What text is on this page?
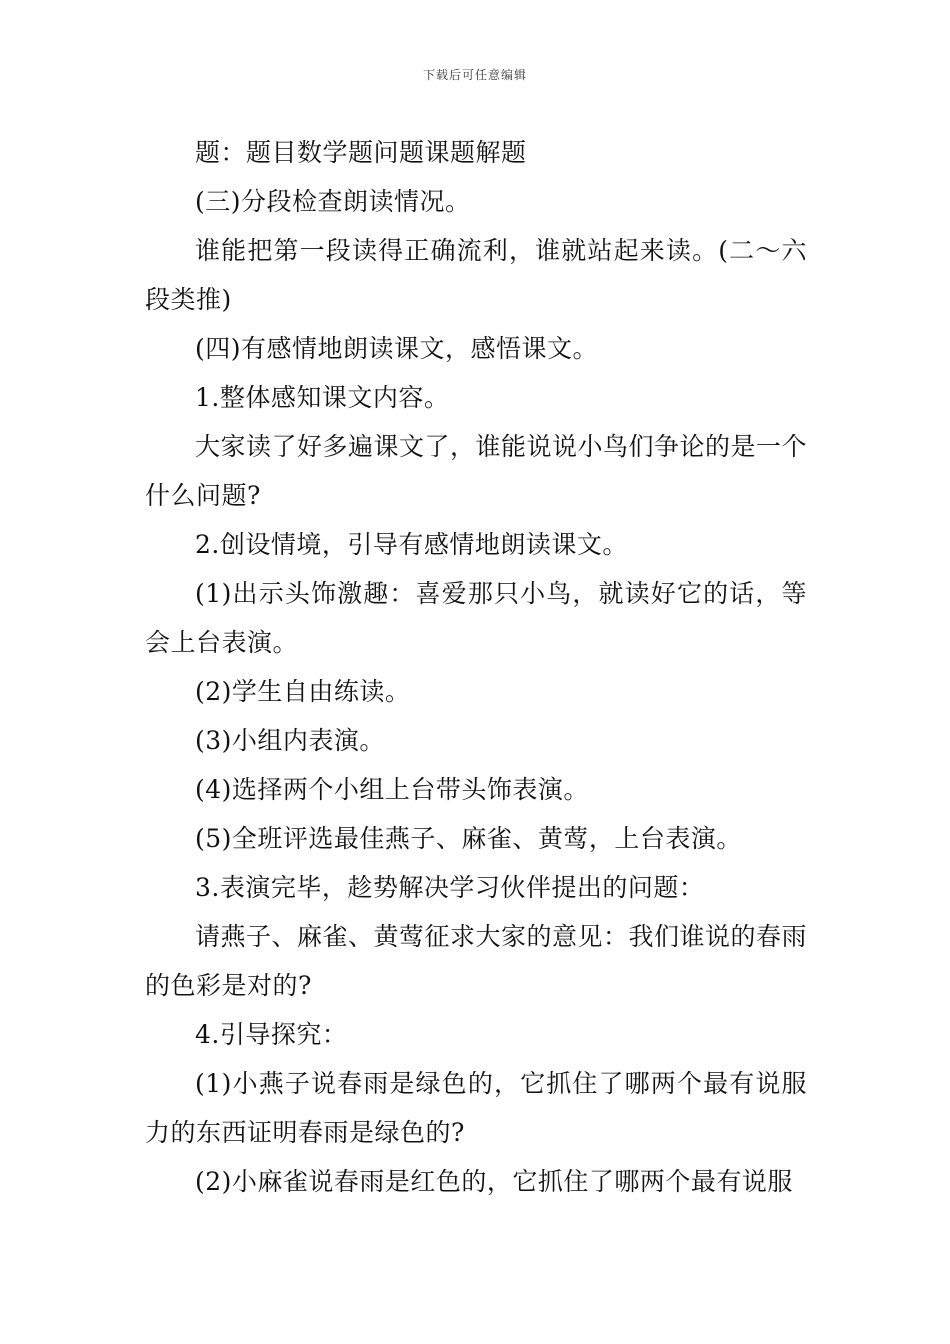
下载后可任意编辑

题：题目数学题问题课题解题

(三)分段检查朗读情况。

谁能把第一段读得正确流利，谁就站起来读。(二～六段类推)

(四)有感情地朗读课文，感悟课文。

1.整体感知课文内容。

大家读了好多遍课文了，谁能说说小鸟们争论的是一个什么问题?

2.创设情境，引导有感情地朗读课文。

(1)出示头饰激趣：喜爱那只小鸟，就读好它的话，等会上台表演。

(2)学生自由练读。

(3)小组内表演。

(4)选择两个小组上台带头饰表演。

(5)全班评选最佳燕子、麻雀、黄莺，上台表演。

3.表演完毕，趁势解决学习伙伴提出的问题：

请燕子、麻雀、黄莺征求大家的意见：我们谁说的春雨的色彩是对的?

4.引导探究：

(1)小燕子说春雨是绿色的，它抓住了哪两个最有说服力的东西证明春雨是绿色的?

(2)小麻雀说春雨是红色的，它抓住了哪两个最有说服
